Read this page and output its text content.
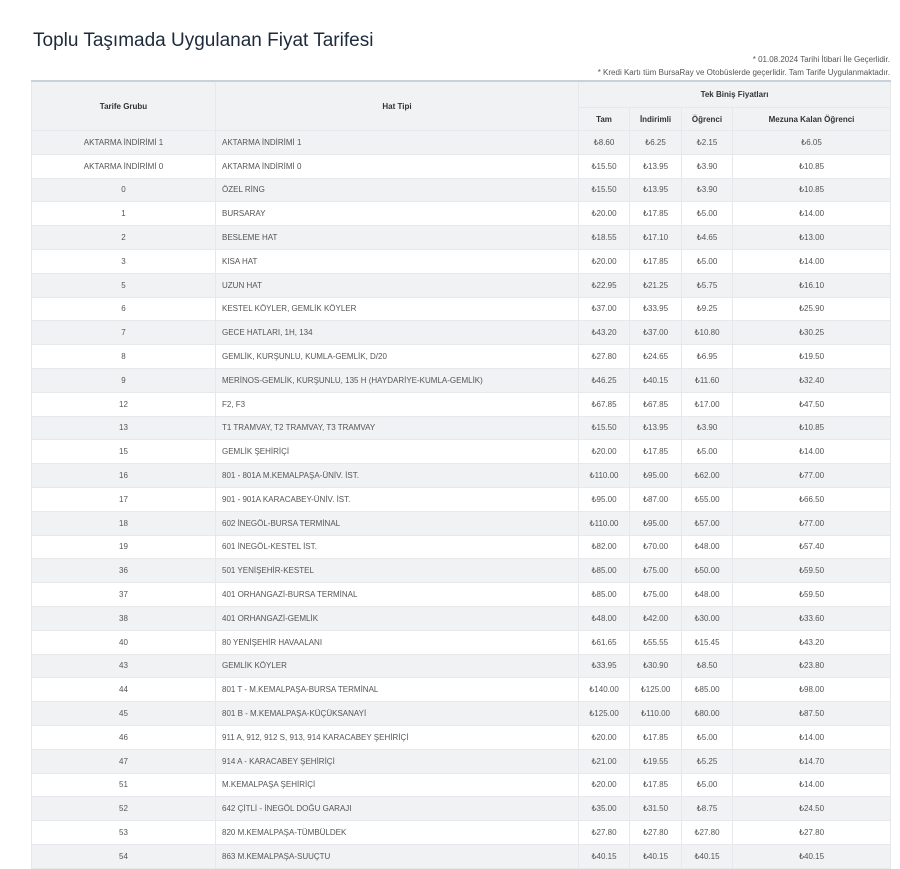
Toplu Taşımada Uygulanan Fiyat Tarifesi
* 01.08.2024 Tarihi İtibari İle Geçerlidir.
* Kredi Kartı tüm BursaRay ve Otobüslerde geçerlidir. Tam Tarife Uygulanmaktadır.
Tarife Grubu	Hat Tipi	Tek Biniş Fiyatları			
		Tam	İndirimli	Öğrenci	Mezuna Kalan Öğrenci
AKTARMA İNDİRİMİ 1	AKTARMA İNDİRİMİ 1	₺8.60	₺6.25	₺2.15	₺6.05
AKTARMA İNDİRİMİ 0	AKTARMA İNDİRİMİ 0	₺15.50	₺13.95	₺3.90	₺10.85
0	ÖZEL RİNG	₺15.50	₺13.95	₺3.90	₺10.85
1	BURSARAY	₺20.00	₺17.85	₺5.00	₺14.00
2	BESLEME HAT	₺18.55	₺17.10	₺4.65	₺13.00
3	KISA HAT	₺20.00	₺17.85	₺5.00	₺14.00
5	UZUN HAT	₺22.95	₺21.25	₺5.75	₺16.10
6	KESTEL KÖYLER, GEMLİK KÖYLER	₺37.00	₺33.95	₺9.25	₺25.90
7	GECE HATLARI, 1H, 134	₺43.20	₺37.00	₺10.80	₺30.25
8	GEMLİK, KURŞUNLU, KUMLA-GEMLİK, D/20	₺27.80	₺24.65	₺6.95	₺19.50
9	MERİNOS-GEMLİK, KURŞUNLU, 135 H (HAYDARİYE-KUMLA-GEMLİK)	₺46.25	₺40.15	₺11.60	₺32.40
12	F2, F3	₺67.85	₺67.85	₺17.00	₺47.50
13	T1 TRAMVAY, T2 TRAMVAY, T3 TRAMVAY	₺15.50	₺13.95	₺3.90	₺10.85
15	GEMLİK ŞEHİRİÇİ	₺20.00	₺17.85	₺5.00	₺14.00
16	801 - 801A M.KEMALPAŞA-ÜNİV. İST.	₺110.00	₺95.00	₺62.00	₺77.00
17	901 - 901A KARACABEY-ÜNİV. İST.	₺95.00	₺87.00	₺55.00	₺66.50
18	602 İNEGÖL-BURSA TERMİNAL	₺110.00	₺95.00	₺57.00	₺77.00
19	601 İNEGÖL-KESTEL İST.	₺82.00	₺70.00	₺48.00	₺57.40
36	501 YENİŞEHİR-KESTEL	₺85.00	₺75.00	₺50.00	₺59.50
37	401 ORHANGAZİ-BURSA TERMİNAL	₺85.00	₺75.00	₺48.00	₺59.50
38	401 ORHANGAZİ-GEMLİK	₺48.00	₺42.00	₺30.00	₺33.60
40	80 YENİŞEHİR HAVAALANI	₺61.65	₺55.55	₺15.45	₺43.20
43	GEMLİK KÖYLER	₺33.95	₺30.90	₺8.50	₺23.80
44	801 T - M.KEMALPAŞA-BURSA TERMİNAL	₺140.00	₺125.00	₺85.00	₺98.00
45	801 B - M.KEMALPAŞA-KÜÇÜKSANAYİ	₺125.00	₺110.00	₺80.00	₺87.50
46	911 A, 912, 912 S, 913, 914 KARACABEY ŞEHİRİÇİ	₺20.00	₺17.85	₺5.00	₺14.00
47	914 A - KARACABEY ŞEHİRİÇİ	₺21.00	₺19.55	₺5.25	₺14.70
51	M.KEMALPAŞA ŞEHİRİÇİ	₺20.00	₺17.85	₺5.00	₺14.00
52	642 ÇİTLİ - İNEGÖL DOĞU GARAJI	₺35.00	₺31.50	₺8.75	₺24.50
53	820 M.KEMALPAŞA-TÜMBÜLDEK	₺27.80	₺27.80	₺27.80	₺27.80
54	863 M.KEMALPAŞA-SUUÇTU	₺40.15	₺40.15	₺40.15	₺40.15
